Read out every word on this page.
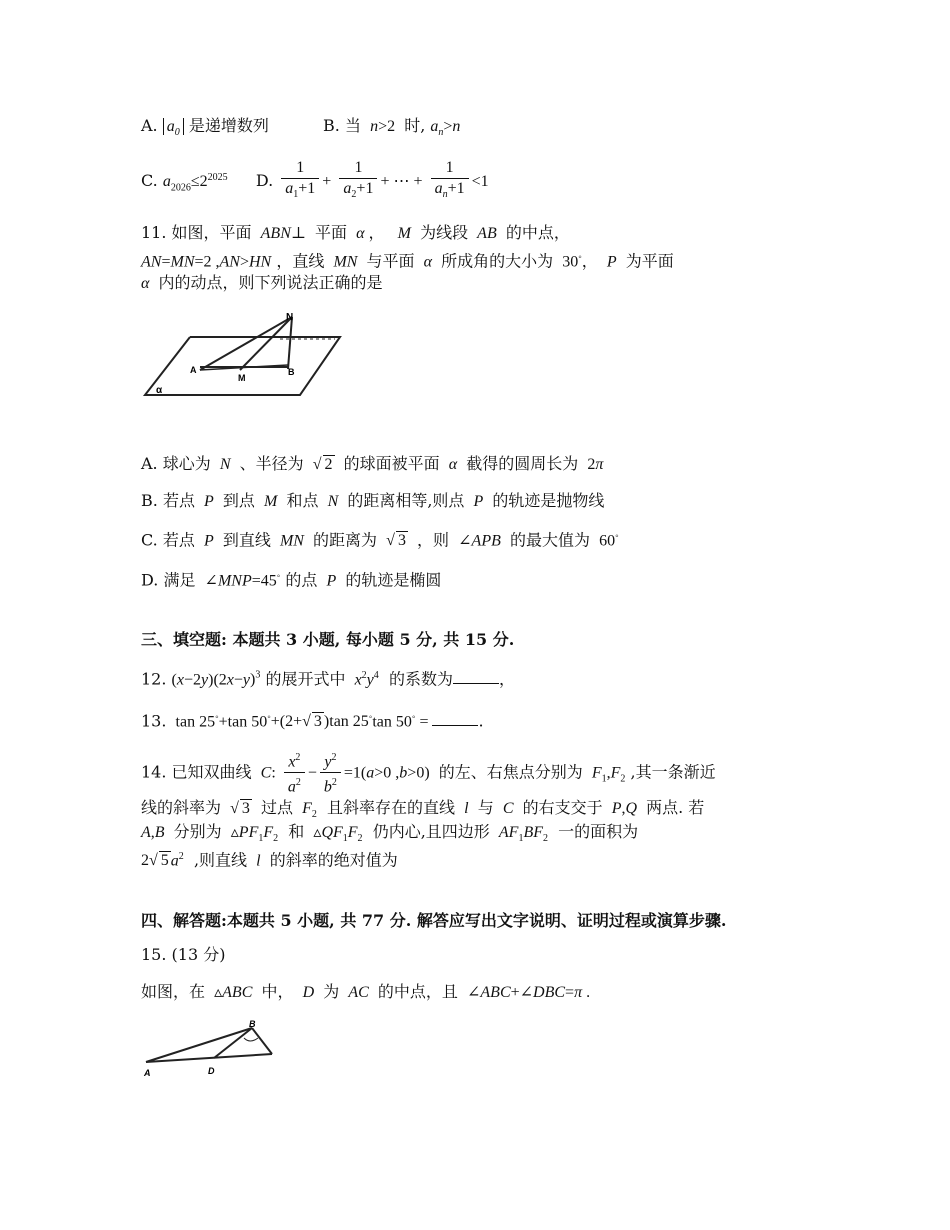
A. $a_0$ 是递增数列	B. 当  n>2  时, $a_n>n$
C. $a_{2026}\le 2^{2025}$ D. $\frac{1}{a_1+1} + \frac{1}{a_2+1}$ + ⋯ + $\frac{1}{a_n+1} <1$
11. 如图，平面  ABN⊥  平面  α ， M  为线段  AB  的中点，
AN=MN=2 ,AN>HN ，直线  MN  与平面  α  所成角的大小为  30◦，  P  为平面
α  内的动点，则下列说法正确的是
N
A
M
B
α
A. 球心为  N  、半径为  √ 2 的球面被平面  α  截得的圆周长为  2π
B. 若点  P  到点  M  和点  N  的距离相等,则点  P  的轨迹是抛物线
C. 若点  P  到直线  MN  的距离为  √ 3 ，则  ∠APB  的最大值为  60◦
D. 满足  ∠MNP=45◦ 的点  P  的轨迹是椭圆
三、填空题: 本题共 3 小题, 每小题 5 分, 共 15 分.
12. $(x-2y)(2x-y)^3$ 的展开式中  $x^2y^4$ 的系数为	，
13.  tan 25◦+tan 50◦+(2+√ 3 )tan 25◦tan 50◦ =	.
14. 已知双曲线  C: $\frac{x^2}{a^2} - \frac{y^2}{b^2} =1(a>0$ ,b>0)  的左、右焦点分别为  $F_1,F_2$ ,其一条渐近
线的斜率为  √ 3 过点  $F_2$ 且斜率存在的直线  l  与  C  的右支交于  P,Q  两点. 若
A,B  分别为  $▵PF_1F_2$ 和  $▵QF_1F_2$ 仍内心,且四边形  $AF_1BF_2$ 一的面积为
2√ 5 $a^2$ ,则直线  l  的斜率的绝对值为
四、解答题:本题共 5 小题, 共 77 分. 解答应写出文字说明、证明过程或演算步骤.
15. (13 分)
如图，在  ▵ABC  中，  D  为  AC  的中点，且  ∠ABC+∠DBC=π .
A	D
B
